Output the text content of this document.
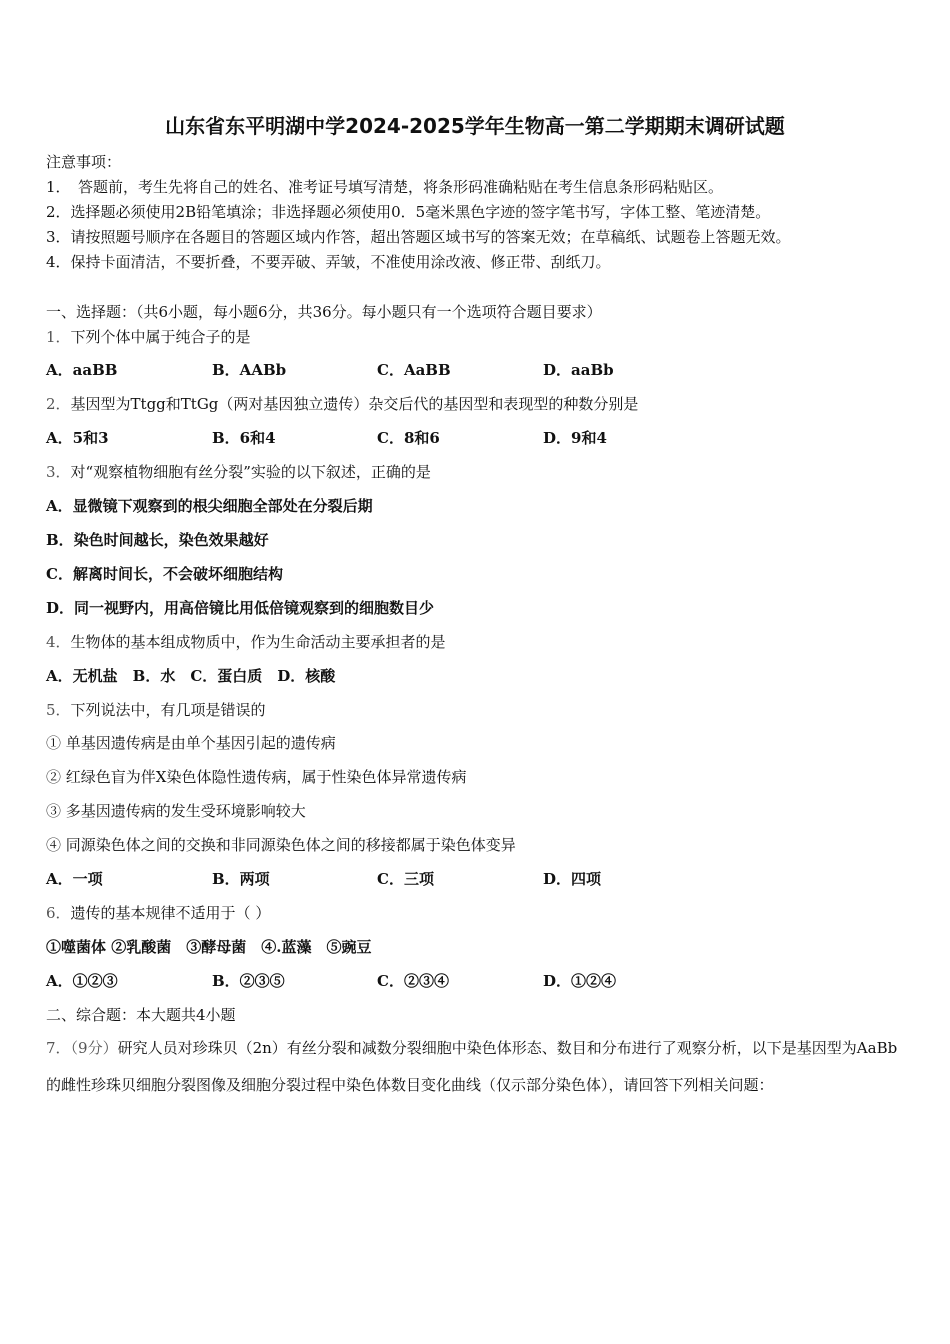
山东省东平明湖中学2024-2025学年生物高一第二学期期末调研试题
注意事项：
1．　答题前，考生先将自己的姓名、准考证号填写清楚，将条形码准确粘贴在考生信息条形码粘贴区。
2．选择题必须使用2B铅笔填涂；非选择题必须使用0．5毫米黑色字迹的签字笔书写，字体工整、笔迹清楚。
3．请按照题号顺序在各题目的答题区域内作答，超出答题区域书写的答案无效；在草稿纸、试题卷上答题无效。
4．保持卡面清洁，不要折叠，不要弄破、弄皱，不准使用涂改液、修正带、刮纸刀。
一、选择题：（共6小题，每小题6分，共36分。每小题只有一个选项符合题目要求）
1．下列个体中属于纯合子的是
A．aaBB	B．AABb	C．AaBB	D．aaBb
2．基因型为Ttgg和TtGg（两对基因独立遗传）杂交后代的基因型和表现型的种数分别是
A．5和3	B．6和4	C．8和6	D．9和4
3．对“观察植物细胞有丝分裂”实验的以下叙述，正确的是
A．显微镜下观察到的根尖细胞全部处在分裂后期
B．染色时间越长，染色效果越好
C．解离时间长，不会破坏细胞结构
D．同一视野内，用高倍镜比用低倍镜观察到的细胞数目少
4．生物体的基本组成物质中，作为生命活动主要承担者的是
A．无机盐　B．水　C．蛋白质　D．核酸
5．下列说法中，有几项是错误的
① 单基因遗传病是由单个基因引起的遗传病
② 红绿色盲为伴X染色体隐性遗传病，属于性染色体异常遗传病
③ 多基因遗传病的发生受环境影响较大
④ 同源染色体之间的交换和非同源染色体之间的移接都属于染色体变异
A．一项	B．两项	C．三项	D．四项
6．遗传的基本规律不适用于（ ）
①噬菌体 ②乳酸菌　③酵母菌　④.蓝藻　⑤豌豆
A．①②③	B．②③⑤	C．②③④	D．①②④
二、综合题：本大题共4小题
7．（9分）研究人员对珍珠贝（2n）有丝分裂和减数分裂细胞中染色体形态、数目和分布进行了观察分析，以下是基因型为AaBb的雌性珍珠贝细胞分裂图像及细胞分裂过程中染色体数目变化曲线（仅示部分染色体），请回答下列相关问题：
